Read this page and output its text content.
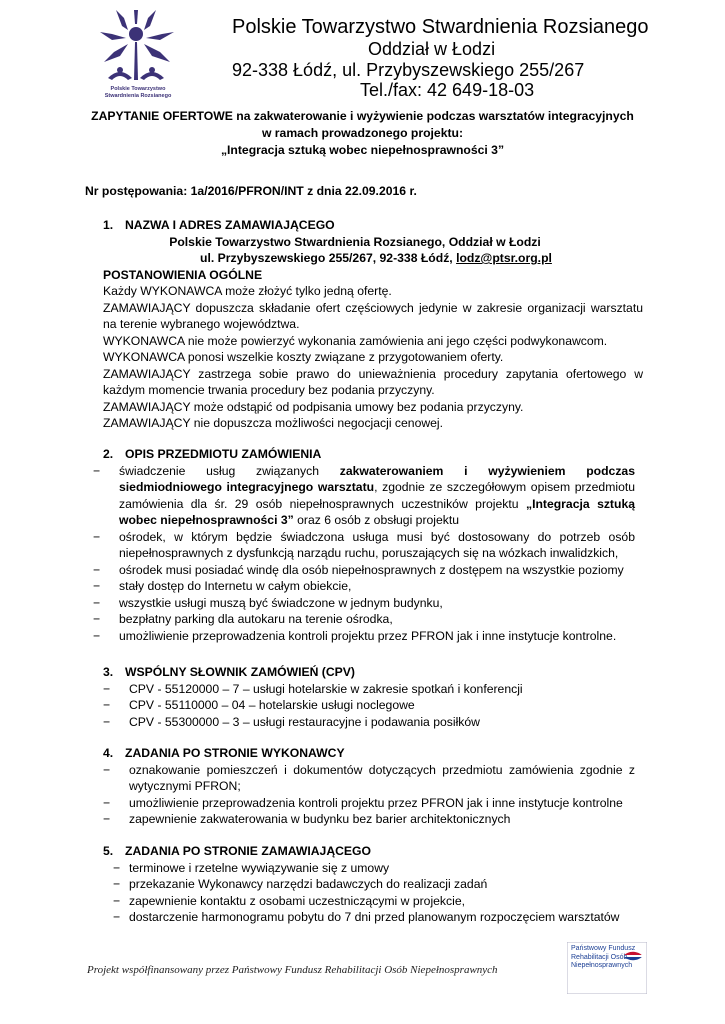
Polskie Towarzystwo
Stwardnienia Rozsianego
Polskie Towarzystwo Stwardnienia Rozsianego
Oddział w Łodzi
92-338 Łódź, ul. Przybyszewskiego 255/267
Tel./fax: 42 649-18-03
ZAPYTANIE OFERTOWE na zakwaterowanie i wyżywienie podczas warsztatów integracyjnych
w ramach prowadzonego projektu:
„Integracja sztuką wobec niepełnosprawności 3”
Nr postępowania: 1a/2016/PFRON/INT z dnia 22.09.2016 r.
1. NAZWA I ADRES ZAMAWIAJĄCEGO
Polskie Towarzystwo Stwardnienia Rozsianego, Oddział w Łodzi
ul. Przybyszewskiego 255/267, 92-338 Łódź, lodz@ptsr.org.pl
POSTANOWIENIA OGÓLNE
Każdy WYKONAWCA może złożyć tylko jedną ofertę.
ZAMAWIAJĄCY dopuszcza składanie ofert częściowych jedynie w zakresie organizacji warsztatu na terenie wybranego województwa.
WYKONAWCA nie może powierzyć wykonania zamówienia ani jego części podwykonawcom.
WYKONAWCA ponosi wszelkie koszty związane z przygotowaniem oferty.
ZAMAWIAJĄCY zastrzega sobie prawo do unieważnienia procedury zapytania ofertowego w każdym momencie trwania procedury bez podania przyczyny.
ZAMAWIAJĄCY może odstąpić od podpisania umowy bez podania przyczyny.
ZAMAWIAJĄCY nie dopuszcza możliwości negocjacji cenowej.
2. OPIS PRZEDMIOTU ZAMÓWIENIA
− świadczenie usług związanych zakwaterowaniem i wyżywieniem podczas siedmiodniowego integracyjnego warsztatu, zgodnie ze szczegółowym opisem przedmiotu zamówienia dla śr. 29 osób niepełnosprawnych uczestników projektu „Integracja sztuką wobec niepełnosprawności 3” oraz 6 osób z obsługi projektu
− ośrodek, w którym będzie świadczona usługa musi być dostosowany do potrzeb osób niepełnosprawnych z dysfunkcją narządu ruchu, poruszających się na wózkach inwalidzkich,
− ośrodek musi posiadać windę dla osób niepełnosprawnych z dostępem na wszystkie poziomy
− stały dostęp do Internetu w całym obiekcie,
− wszystkie usługi muszą być świadczone w jednym budynku,
− bezpłatny parking dla autokaru na terenie ośrodka,
− umożliwienie przeprowadzenia kontroli projektu przez PFRON jak i inne instytucje kontrolne.
3. WSPÓLNY SŁOWNIK ZAMÓWIEŃ (CPV)
− CPV - 55120000 – 7 – usługi hotelarskie w zakresie spotkań i konferencji
− CPV - 55110000 – 04 – hotelarskie usługi noclegowe
− CPV - 55300000 – 3 – usługi restauracyjne i podawania posiłków
4. ZADANIA PO STRONIE WYKONAWCY
− oznakowanie pomieszczeń i dokumentów dotyczących przedmiotu zamówienia zgodnie z wytycznymi PFRON;
− umożliwienie przeprowadzenia kontroli projektu przez PFRON jak i inne instytucje kontrolne
− zapewnienie zakwaterowania w budynku bez barier architektonicznych
5. ZADANIA PO STRONIE ZAMAWIAJĄCEGO
− terminowe i rzetelne wywiązywanie się z umowy
− przekazanie Wykonawcy narzędzi badawczych do realizacji zadań
− zapewnienie kontaktu z osobami uczestniczącymi w projekcie,
− dostarczenie harmonogramu pobytu do 7 dni przed planowanym rozpoczęciem warsztatów
Projekt współfinansowany przez Państwowy Fundusz Rehabilitacji Osób Niepełnosprawnych
Państwowy Fundusz
Rehabilitacji Osób
Niepełnosprawnych
